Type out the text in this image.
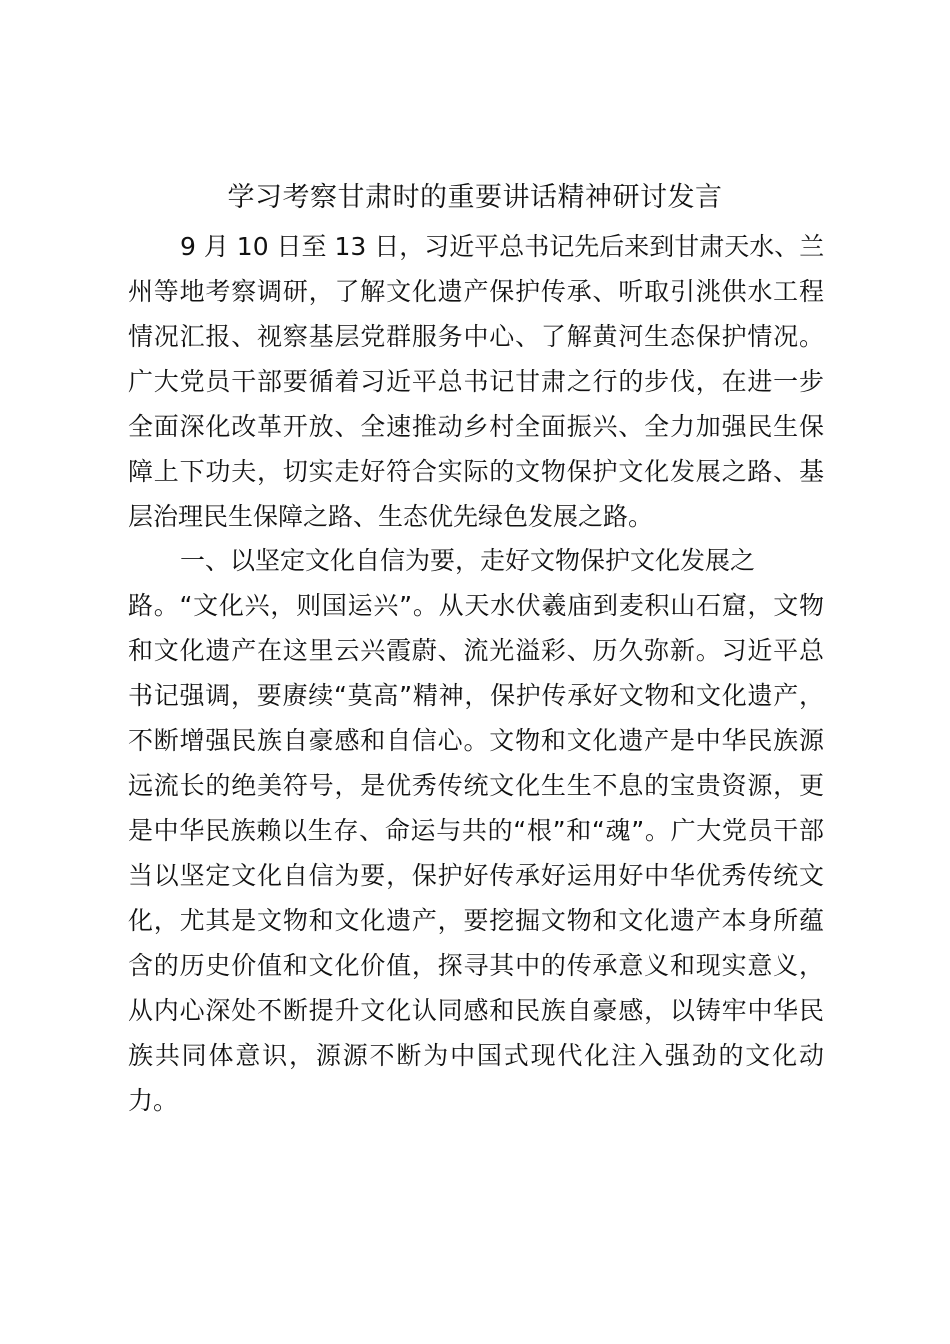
学习考察甘肃时的重要讲话精神研讨发言
9 月 10 日至 13 日，习近平总书记先后来到甘肃天水、兰
州等地考察调研，了解文化遗产保护传承、听取引洮供水工程
情况汇报、视察基层党群服务中心、了解黄河生态保护情况。
广大党员干部要循着习近平总书记甘肃之行的步伐，在进一步
全面深化改革开放、全速推动乡村全面振兴、全力加强民生保
障上下功夫，切实走好符合实际的文物保护文化发展之路、基
层治理民生保障之路、生态优先绿色发展之路。
一、以坚定文化自信为要，走好文物保护文化发展之
路。“文化兴，则国运兴”。从天水伏羲庙到麦积山石窟，文物
和文化遗产在这里云兴霞蔚、流光溢彩、历久弥新。习近平总
书记强调，要赓续“莫高”精神，保护传承好文物和文化遗产，
不断增强民族自豪感和自信心。文物和文化遗产是中华民族源
远流长的绝美符号，是优秀传统文化生生不息的宝贵资源，更
是中华民族赖以生存、命运与共的“根”和“魂”。广大党员干部
当以坚定文化自信为要，保护好传承好运用好中华优秀传统文
化，尤其是文物和文化遗产，要挖掘文物和文化遗产本身所蕴
含的历史价值和文化价值，探寻其中的传承意义和现实意义，
从内心深处不断提升文化认同感和民族自豪感，以铸牢中华民
族共同体意识，源源不断为中国式现代化注入强劲的文化动
力。
